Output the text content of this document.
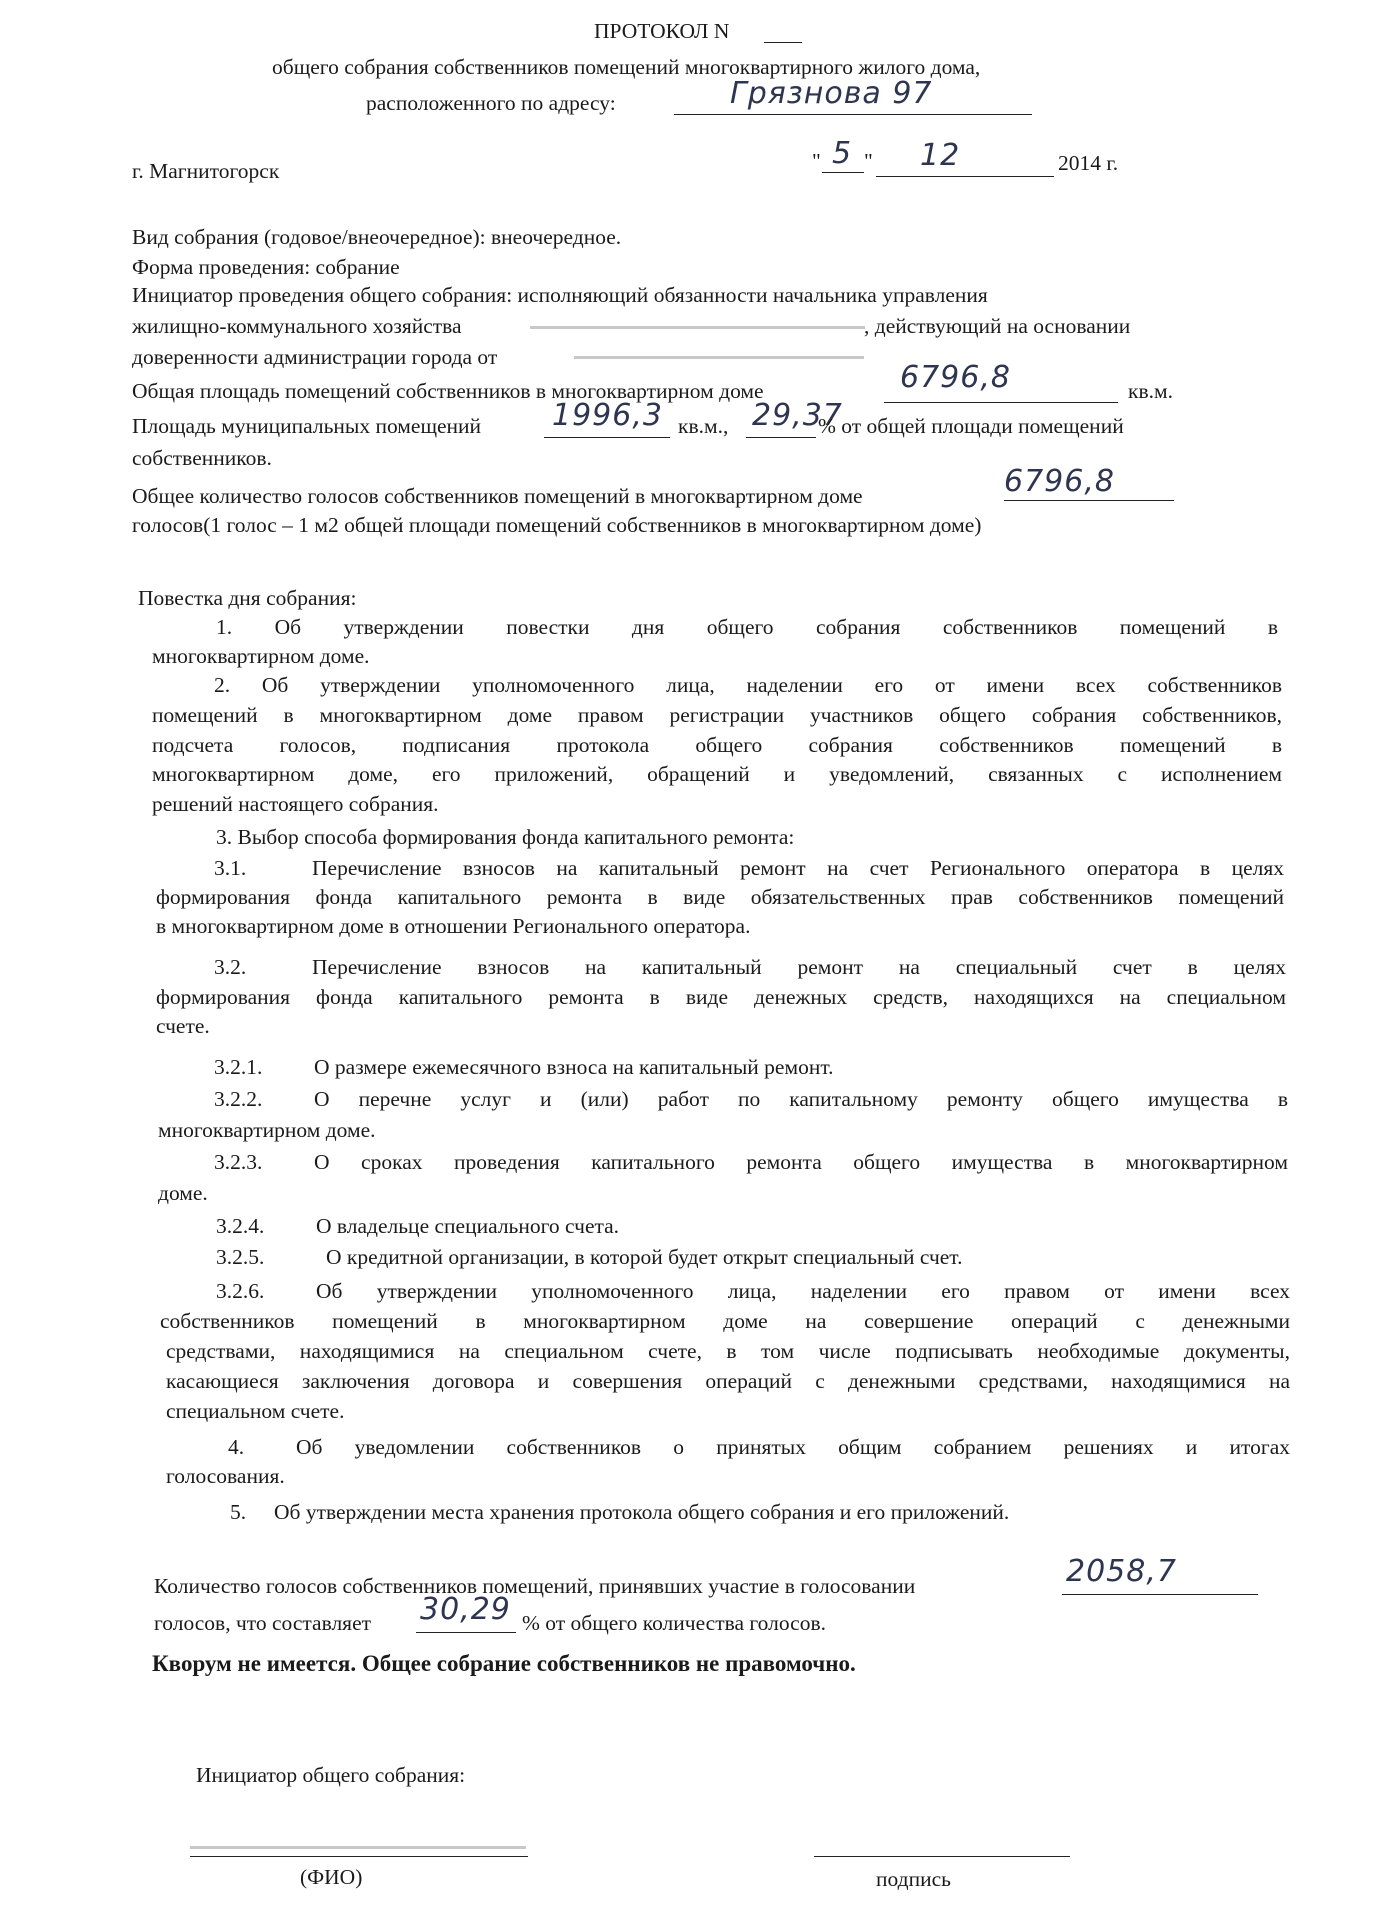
ПРОТОКОЛ N
общего собрания собственников помещений многоквартирного жилого дома,
расположенного по адресу:	Грязнова 97
г. Магнитогорск	" 5 " 12	2014 г.
Вид собрания (годовое/внеочередное): внеочередное.
Форма проведения: собрание
Инициатор проведения общего собрания: исполняющий обязанности начальника управления
жилищно-коммунального хозяйства	, действующий на основании
доверенности администрации города от
Общая площадь помещений собственников в многоквартирном доме	6796,8	кв.м.
Площадь муниципальных помещений 1996,3 кв.м., 29,37
% от общей площади помещений
собственников.
Общее количество голосов собственников помещений в многоквартирном доме	6796,8
голосов(1 голос – 1 м2 общей площади помещений собственников в многоквартирном доме)
Повестка дня собрания:
1. Об утверждении повестки дня общего собрания собственников помещений в
многоквартирном доме.
2. Об утверждении уполномоченного лица, наделении его от имени всех собственников
помещений в многоквартирном доме правом регистрации участников общего собрания собственников,
подсчета голосов, подписания протокола общего собрания собственников помещений в
многоквартирном доме, его приложений, обращений и уведомлений, связанных с исполнением
решений настоящего собрания.
3. Выбор способа формирования фонда капитального ремонта:
3.1.	Перечисление взносов на капитальный ремонт на счет Регионального оператора в целях
формирования фонда капитального ремонта в виде обязательственных прав собственников помещений
в многоквартирном доме в отношении Регионального оператора.
3.2.	Перечисление взносов на капитальный ремонт на специальный счет в целях
формирования фонда капитального ремонта в виде денежных средств, находящихся на специальном
счете.
3.2.1. О размере ежемесячного взноса на капитальный ремонт.
3.2.2. О перечне услуг и (или) работ по капитальному ремонту общего имущества в
многоквартирном доме.
3.2.3. О сроках проведения капитального ремонта общего имущества в многоквартирном
доме.
3.2.4. О владельце специального счета.
3.2.5.	О кредитной организации, в которой будет открыт специальный счет.
3.2.6. Об утверждении уполномоченного лица, наделении его правом от имени всех
собственников помещений в многоквартирном доме на совершение операций с денежными
средствами, находящимися на специальном счете, в том числе подписывать необходимые документы,
касающиеся заключения договора и совершения операций с денежными средствами, находящимися на
специальном счете.
4. Об уведомлении собственников о принятых общим собранием решениях и итогах
голосования.
5. Об утверждении места хранения протокола общего собрания и его приложений.
Количество голосов собственников помещений, принявших участие в голосовании	2058,7
голосов, что составляет 30,29 % от общего количества голосов.
Кворум не имеется. Общее собрание собственников не правомочно.
Инициатор общего собрания:
(ФИО)	подпись
